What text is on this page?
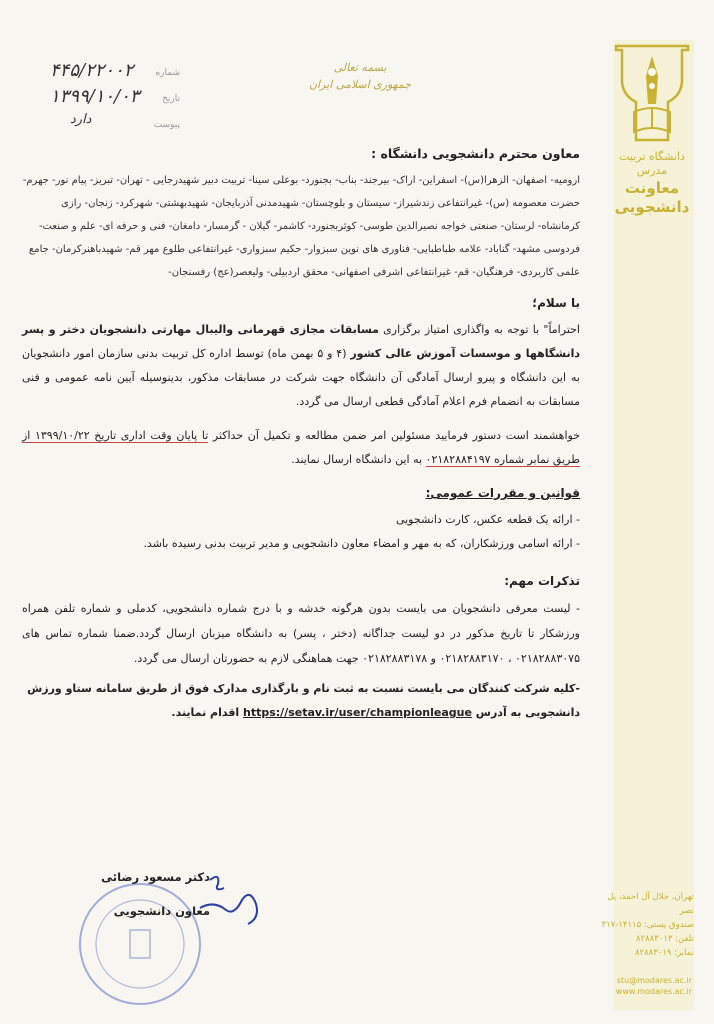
دانشگاه تربیت مدرس
معاونت دانشجویی
بسمه تعالی
جمهوری اسلامی ایران
شماره
۴۴۵/۲۲۰۰۲
تاریخ
۱۳۹۹/۱۰/۰۳
پیوست
دارد

معاون محترم دانشجویی دانشگاه :

ارومیه- اصفهان- الزهرا(س)- اسفراین- اراک- بیرجند- بناب- بجنورد- بوعلی سینا- تربیت دبیر شهیدرجایی - تهران- تبریز- پیام نور- جهرم- حضرت معصومه (س)- غیرانتفاعی زندشیراز- سیستان و بلوچستان- شهیدمدنی آذربایجان- شهیدبهشتی- شهرکرد- زنجان- رازی کرمانشاه- لرستان- صنعتی خواجه نصیرالدین طوسی- کوثربجنورد- کاشمر- گیلان - گرمسار- دامغان- فنی و حرفه ای- علم و صنعت- فردوسی مشهد- گناباد- علامه طباطبایی- فناوری های نوین سبزوار- حکیم سبزواری- غیرانتفاعی طلوع مهر قم- شهیدباهنرکرمان- جامع علمی کاربردی- فرهنگیان- قم- غیرانتفاعی اشرفی اصفهانی- محقق اردبیلی- ولیعصر(عج) رفسنجان-

با سلام؛

احتراماً" با توجه به واگذاری امتیاز برگزاری مسابقات مجازی قهرمانی والیبال مهارتی دانشجویان دختر و پسر دانشگاهها و موسسات آموزش عالی کشور (۴ و ۵ بهمن ماه) توسط اداره کل تربیت بدنی سازمان امور دانشجویان به این دانشگاه و پیرو ارسال آمادگی آن دانشگاه جهت شرکت در مسابقات مذکور، بدینوسیله آیین نامه عمومی و فنی مسابقات به انضمام فرم اعلام آمادگی قطعی ارسال می گردد.

خواهشمند است دستور فرمایید مسئولین امر ضمن مطالعه و تکمیل آن حداکثر تا پایان وقت اداری تاریخ ۱۳۹۹/۱۰/۲۲ از طریق نمابر شماره ۰۲۱۸۲۸۸۴۱۹۷ به این دانشگاه ارسال نمایند.

قوانین و مقررات عمومی:

- ارائه یک قطعه عکس، کارت دانشجویی
- ارائه اسامی ورزشکاران، که به مهر و امضاء معاون دانشجویی و مدیر تربیت بدنی رسیده باشد.

تذکرات مهم:

- لیست معرفی دانشجویان می بایست بدون هرگونه خدشه و با درج شماره دانشجویی، کدملی و شماره تلفن همراه ورزشکار تا تاریخ مذکور در دو لیست جداگانه (دختر ، پسر) به دانشگاه میزبان ارسال گردد.ضمنا شماره تماس های ۰۲۱۸۲۸۸۳۰۷۵ ، ۰۲۱۸۲۸۸۳۱۷۰ و ۰۲۱۸۲۸۸۳۱۷۸ جهت هماهنگی لازم به حضورتان ارسال می گردد.

-کلیه شرکت کنندگان می بایست نسبت به ثبت نام و بارگذاری مدارک فوق از طریق سامانه ستاو ورزش دانشجویی به آدرس https://setav.ir/user/championleague اقدام نمایند.

دکتر مسعود رضائی

معاون دانشجویی

تهران، جلال آل احمد، پل نصر
صندوق پستی: ۱۴۱۱۵-۳۱۷
تلفن: ۸۲۸۸۳۰۱۳
نمابر: ۸۲۸۸۳۰۱۹
stu@modares.ac.ir
www.modares.ac.ir
